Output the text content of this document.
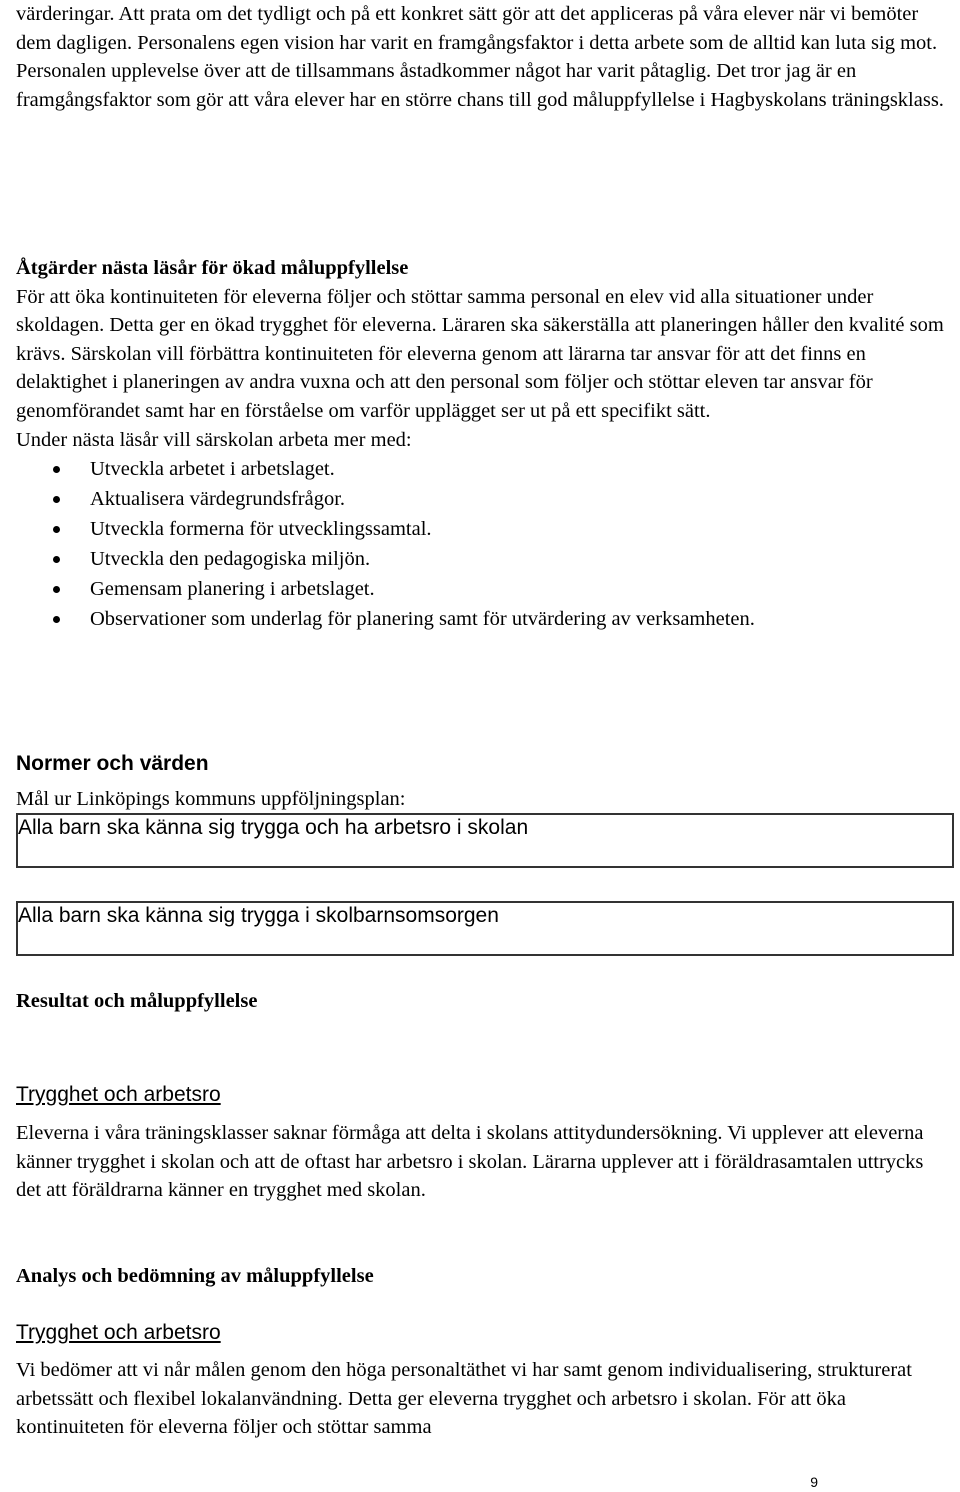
värderingar. Att prata om det tydligt och på ett konkret sätt gör att det appliceras på våra elever när vi bemöter dem dagligen. Personalens egen vision har varit en framgångsfaktor i detta arbete som de alltid kan luta sig mot. Personalen upplevelse över att de tillsammans åstadkommer något har varit påtaglig. Det tror jag är en framgångsfaktor som gör att våra elever har en större chans till god måluppfyllelse i Hagbyskolans träningsklass.

Åtgärder nästa läsår för ökad måluppfyllelse

För att öka kontinuiteten för eleverna följer och stöttar samma personal en elev vid alla situationer under skoldagen. Detta ger en ökad trygghet för eleverna. Läraren ska säkerställa att planeringen håller den kvalité som krävs. Särskolan vill förbättra kontinuiteten för eleverna genom att lärarna tar ansvar för att det finns en delaktighet i planeringen av andra vuxna och att den personal som följer och stöttar eleven tar ansvar för genomförandet samt har en förståelse om varför upplägget ser ut på ett specifikt sätt.

Under nästa läsår vill särskolan arbeta mer med:

Utveckla arbetet i arbetslaget.
Aktualisera värdegrundsfrågor.
Utveckla formerna för utvecklingssamtal.
Utveckla den pedagogiska miljön.
Gemensam planering i arbetslaget.
Observationer som underlag för planering samt för utvärdering av verksamheten.

Normer och värden

Mål ur Linköpings kommuns uppföljningsplan:

Alla barn ska känna sig trygga och ha arbetsro i skolan
Alla barn ska känna sig trygga i skolbarnsomsorgen

Resultat och måluppfyllelse

Trygghet och arbetsro

Eleverna i våra träningsklasser saknar förmåga att delta i skolans attitydundersökning. Vi upplever att eleverna känner trygghet i skolan och att de oftast har arbetsro i skolan. Lärarna upplever att i föräldrasamtalen uttrycks det att föräldrarna känner en trygghet med skolan.

Analys och bedömning av måluppfyllelse

Trygghet och arbetsro

Vi bedömer att vi når målen genom den höga personaltäthet vi har samt genom individualisering, strukturerat arbetssätt och flexibel lokalanvändning. Detta ger eleverna trygghet och arbetsro i skolan. För att öka kontinuiteten för eleverna följer och stöttar samma

9
